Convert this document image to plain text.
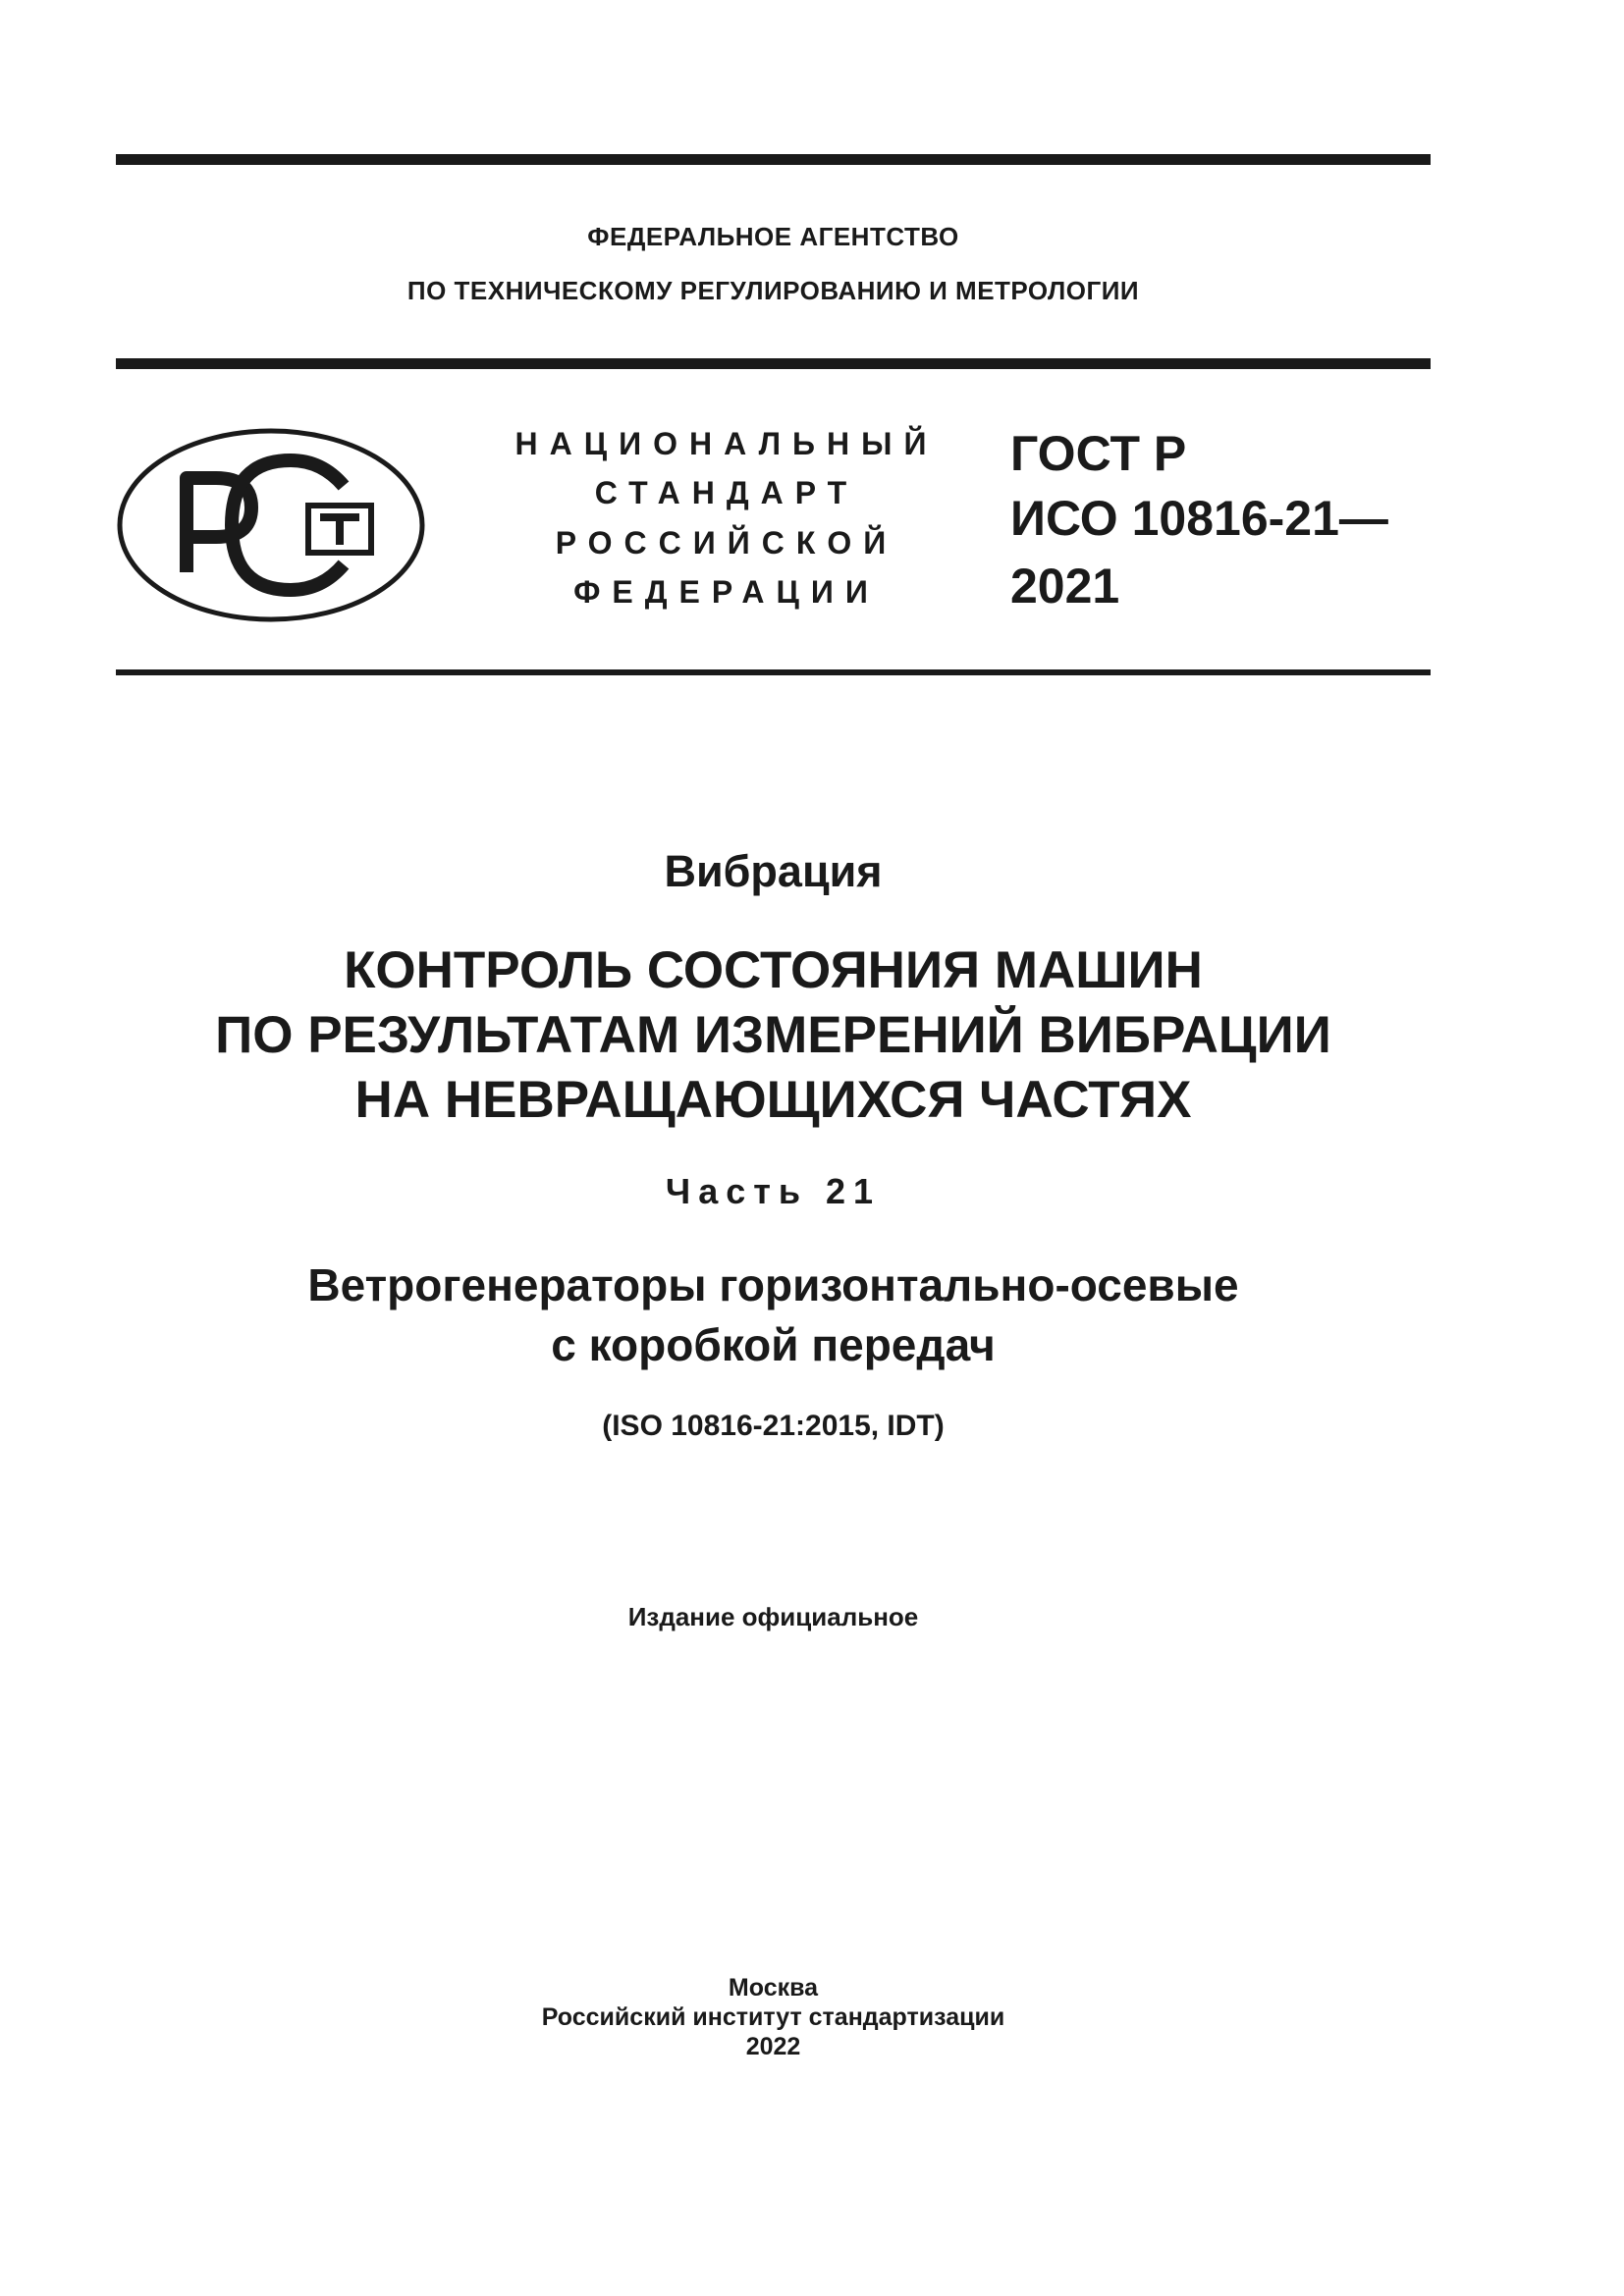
ФЕДЕРАЛЬНОЕ АГЕНТСТВО
ПО ТЕХНИЧЕСКОМУ РЕГУЛИРОВАНИЮ И МЕТРОЛОГИИ
НАЦИОНАЛЬНЫЙ
СТАНДАРТ
РОССИЙСКОЙ
ФЕДЕРАЦИИ
ГОСТ Р
ИСО 10816-21—
2021
Вибрация
КОНТРОЛЬ СОСТОЯНИЯ МАШИН
ПО РЕЗУЛЬТАТАМ ИЗМЕРЕНИЙ ВИБРАЦИИ
НА НЕВРАЩАЮЩИХСЯ ЧАСТЯХ
Часть 21
Ветрогенераторы горизонтально-осевые
с коробкой передач
(ISO 10816-21:2015, IDT)
Издание официальное
Москва
Российский институт стандартизации
2022
